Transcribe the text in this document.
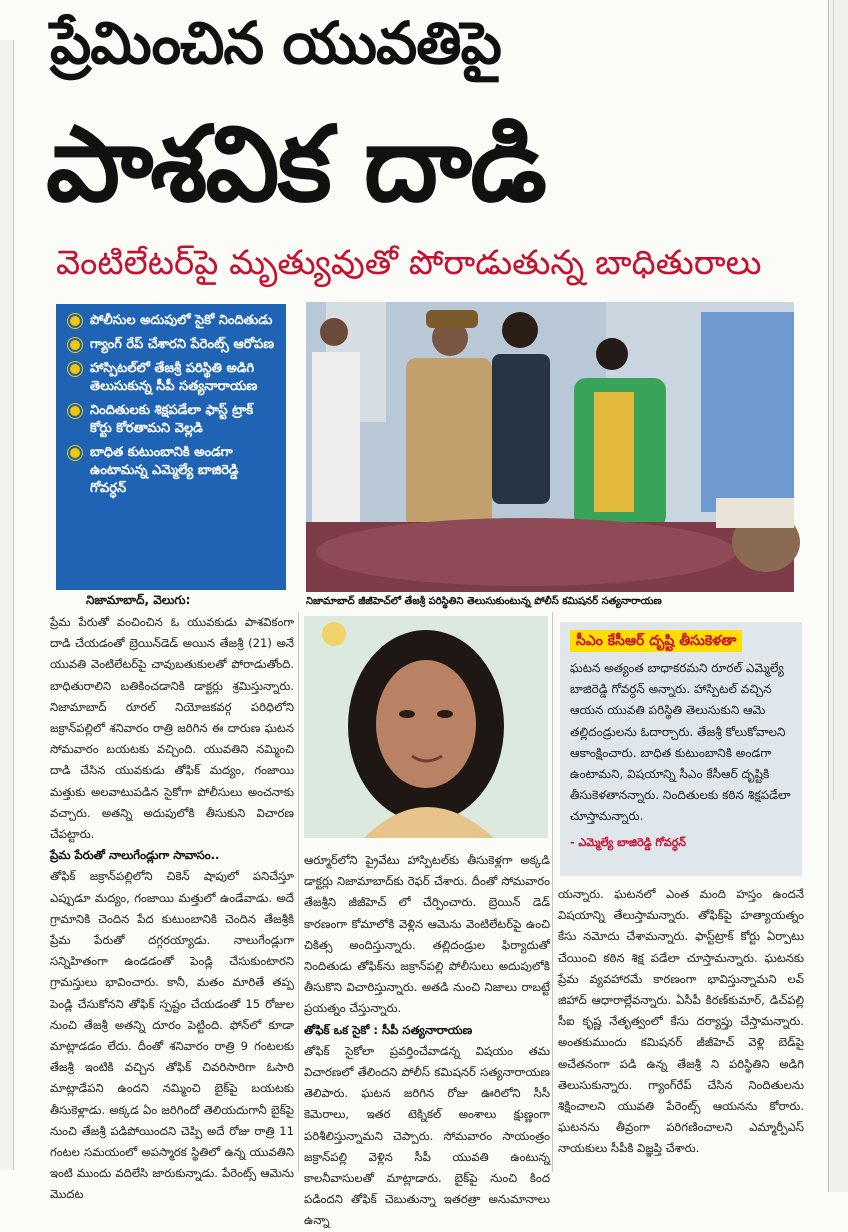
ప్రేమించిన యువతిపై
పాశవిక దాడి
వెంటిలేటర్‌పై మృత్యువుతో పోరాడుతున్న బాధితురాలు
పోలీసుల అదుపులో సైకో నిందితుడు
గ్యాంగ్ రేప్ చేశారని పేరెంట్స్ ఆరోపణ
హాస్పిటల్‌లో తేజశ్రీ పరిస్థితి అడిగి తెలుసుకున్న సీపీ సత్యనారాయణ
నిందితులకు శిక్షపడేలా ఫాస్ట్ ట్రాక్ కోర్టు కోరతామని వెల్లడి
బాధిత కుటుంబానికి అండగా ఉంటామన్న ఎమ్మెల్యే బాజిరెడ్డి గోవర్ధన్
నిజామాబాద్ జీజీహెచ్‌లో తేజశ్రీ పరిస్థితిని తెలుసుకుంటున్న పోలీస్ కమిషనర్ సత్యనారాయణ
నిజామాబాద్, వెలుగు:

ప్రేమ పేరుతో వంచించిన ఓ యువకుడు పాశవికంగా దాడి చేయడంతో బ్రెయిన్‌డెడ్ అయిన తేజశ్రీ (21) అనే యువతి వెంటిలేటర్‌పై చావుబతుకులతో పోరాడుతోంది. బాధితురాలిని బతికించడానికి డాక్టర్లు శ్రమిస్తున్నారు. నిజామాబాద్ రూరల్ నియోజకవర్గ పరిధిలోని జక్రాన్‌పల్లిలో శనివారం రాత్రి జరిగిన ఈ దారుణ ఘటన సోమవారం బయటకు వచ్చింది. యువతిని నమ్మించి దాడి చేసిన యువకుడు తోఫిక్ మద్యం, గంజాయి మత్తుకు అలవాటుపడిన సైకోగా పోలీసులు అంచనాకు వచ్చారు. అతన్ని అదుపులోకి తీసుకుని విచారణ చేపట్టారు.

ప్రేమ పేరుతో నాలుగేండ్లుగా సావాసం..

తోఫిక్ జక్రాన్‌పల్లిలోని చికెన్ షాపులో పనిచేస్తూ ఎప్పుడూ మద్యం, గంజాయి మత్తులో ఉండేవాడు. అదే గ్రామానికి చెందిన పేద కుటుంబానికి చెందిన తేజశ్రీకి ప్రేమ పేరుతో దగ్గరయ్యాడు. నాలుగేండ్లుగా సన్నిహితంగా ఉండడంతో పెండ్లి చేసుకుంటారని గ్రామస్తులు భావించారు. కానీ, మతం మారితే తప్ప పెండ్లి చేసుకోనని తోఫిక్ స్పష్టం చేయడంతో 15 రోజుల నుంచి తేజశ్రీ అతన్ని దూరం పెట్టింది. ఫోన్‌లో కూడా మాట్లాడడం లేదు. దీంతో శనివారం రాత్రి 9 గంటలకు తేజశ్రీ ఇంటికి వచ్చిన తోఫిక్ చివరిసారిగా ఓసారి మాట్లాడేపని ఉందని నమ్మించి బైక్‌పై బయటకు తీసుకెళ్లాడు. అక్కడ ఏం జరిగిందో తెలియదుగానీ బైక్‌పై నుంచి తేజశ్రీ పడిపోయిందని చెప్పి అదే రోజు రాత్రి 11 గంటల సమయంలో అపస్మారక స్థితిలో ఉన్న యువతిని ఇంటి ముందు వదిలేసి జారుకున్నాడు. పేరెంట్స్ ఆమెను మొదట

ఆర్మూర్‌లోని ప్రైవేటు హాస్పిటల్‌కు తీసుకెళ్లగా అక్కడి డాక్టర్లు నిజామాబాద్‌కు రెఫర్ చేశారు. దీంతో సోమవారం తేజశ్రీని జీజీహెచ్ లో చేర్పించారు. బ్రెయిన్ డెడ్ కారణంగా కోమాలోకి వెళ్లిన ఆమెను వెంటిలేటర్‌పై ఉంచి చికిత్స అందిస్తున్నారు. తల్లిదండ్రుల ఫిర్యాదుతో నిందితుడు తోఫిక్‌ను జక్రాన్‌పల్లి పోలీసులు అదుపులోకి తీసుకొని విచారిస్తున్నారు. అతడి నుంచి నిజాలు రాబట్టే ప్రయత్నం చేస్తున్నారు.

తోఫిక్ ఒక సైకో : సీపీ సత్యనారాయణ

తోఫిక్ సైకోలా ప్రవర్తించేవాడన్న విషయం తమ విచారణలో తేలిందని పోలీస్ కమిషనర్ సత్యనారాయణ తెలిపారు. ఘటన జరిగిన రోజు ఊరిలోని సీసీ కెమెరాలు, ఇతర టెక్నికల్ అంశాలు క్షుణ్ణంగా పరిశీలిస్తున్నామని చెప్పారు. సోమవారం సాయంత్రం జక్రాన్‌పల్లి వెళ్లిన సీపీ యువతి ఉంటున్న కాలనీవాసులతో మాట్లాడారు. బైక్‌పై నుంచి కింద పడిందని తోఫిక్ చెబుతున్నా ఇతరత్రా అనుమానాలు ఉన్నా

సీఎం కేసీఆర్ దృష్టి తీసుకెళతా
ఘటన అత్యంత బాధాకరమని రూరల్ ఎమ్మెల్యే బాజిరెడ్డి గోవర్ధన్ అన్నారు. హాస్పిటల్ వచ్చిన ఆయన యువతి పరిస్థితి తెలుసుకుని ఆమె తల్లిదండ్రులను ఓదార్చారు. తేజశ్రీ కోలుకోవాలని ఆకాంక్షించారు. బాధిత కుటుంబానికి అండగా ఉంటామని, విషయాన్ని సీఎం కేసీఆర్ దృష్టికి తీసుకెళతానన్నారు. నిందితులకు కఠిన శిక్షపడేలా చూస్తామన్నారు.
- ఎమ్మెల్యే బాజిరెడ్డి గోవర్ధన్

యన్నారు. ఘటనలో ఎంత మంది హస్తం ఉందనే విషయాన్ని తేలుస్తామన్నారు. తోఫిక్‌పై హత్యాయత్నం కేసు నమోదు చేశామన్నారు. ఫాస్ట్‌ట్రాక్ కోర్టు ఏర్పాటు చేయించి కఠిన శిక్ష పడేలా చూస్తామన్నారు. ఘటనకు ప్రేమ వ్యవహారమే కారణంగా భావిస్తున్నామని లవ్ జిహాద్ ఆధారాల్లేవన్నారు. ఏసీపీ కిరణ్‌కుమార్, డిచ్‌పల్లి సీఐ కృష్ణ నేతృత్వంలో కేసు దర్యాప్తు చేస్తామన్నారు. అంతకుముందు కమిషనర్ జీజీహెచ్ వెళ్లి బెడ్‌పై అచేతనంగా పడి ఉన్న తేజశ్రీ ని పరిస్థితిని అడిగి తెలుసుకున్నారు. గ్యాంగ్‌రేప్ చేసిన నిందితులను శిక్షించాలని యువతి పేరెంట్స్ ఆయనను కోరారు. ఘటనను తీవ్రంగా పరిగణించాలని ఎమ్మార్పీఎస్ నాయకులు సీపీకి విజ్ఞప్తి చేశారు.
